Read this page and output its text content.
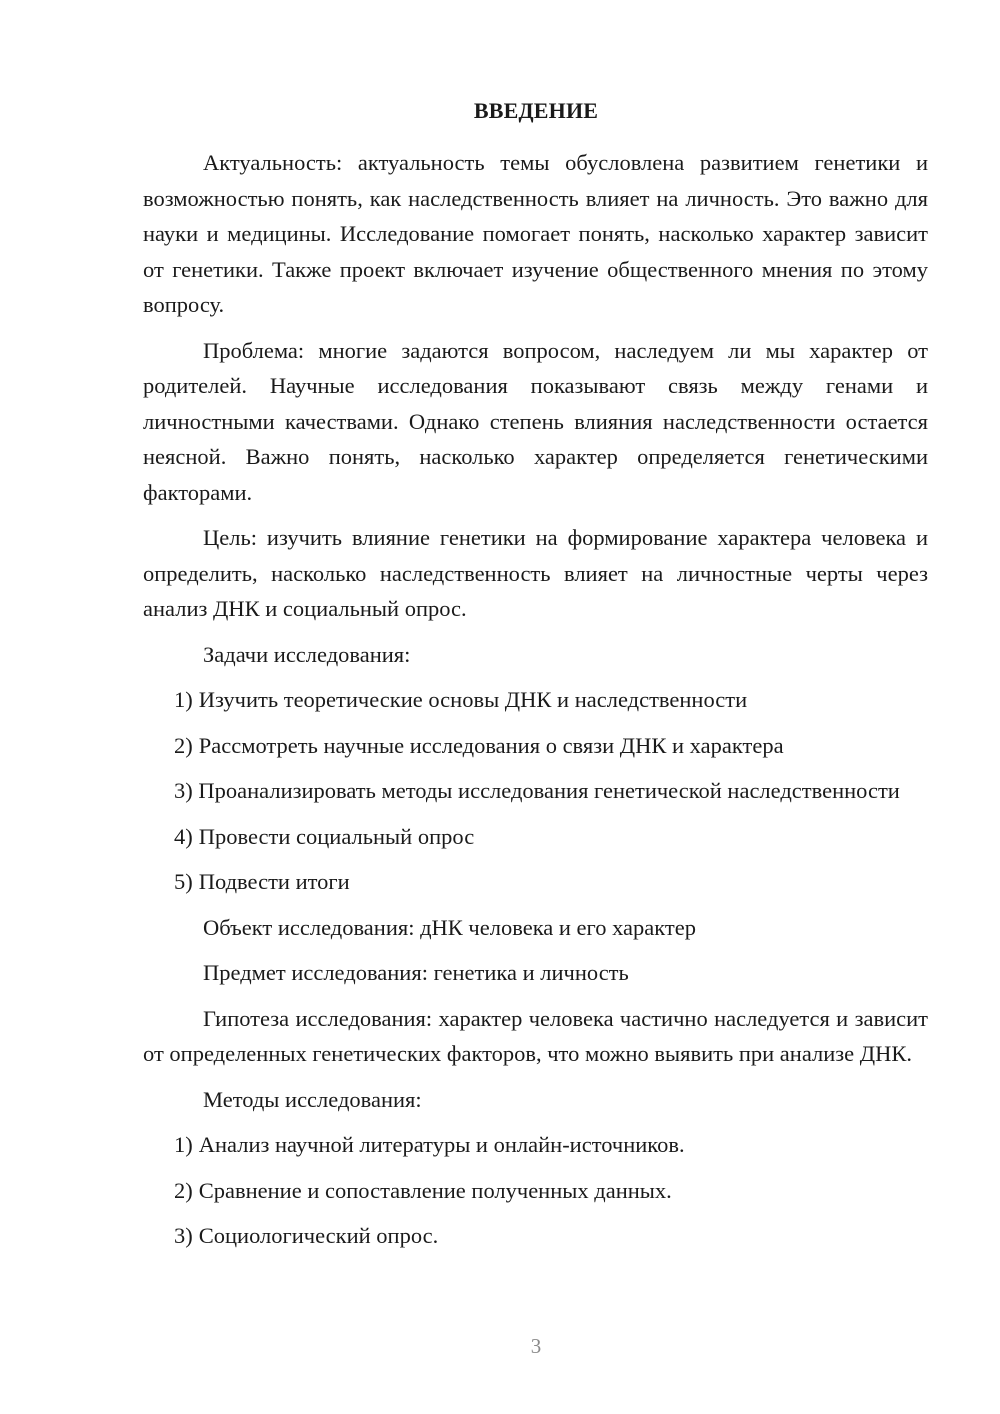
ВВЕДЕНИЕ

Актуальность: актуальность темы обусловлена развитием генетики и возможностью понять, как наследственность влияет на личность. Это важно для науки и медицины. Исследование помогает понять, насколько характер зависит от генетики. Также проект включает изучение общественного мнения по этому вопросу.

Проблема: многие задаются вопросом, наследуем ли мы характер от родителей. Научные исследования показывают связь между генами и личностными качествами. Однако степень влияния наследственности остается неясной. Важно понять, насколько характер определяется генетическими факторами.

Цель: изучить влияние генетики на формирование характера человека и определить, насколько наследственность влияет на личностные черты через анализ ДНК и социальный опрос.

Задачи исследования:

1) Изучить теоретические основы ДНК и наследственности

2) Рассмотреть научные исследования о связи ДНК и характера

3) Проанализировать методы исследования генетической наследственности

4) Провести социальный опрос

5) Подвести итоги

Объект исследования: дНК человека и его характер

Предмет исследования: генетика и личность

Гипотеза исследования: характер человека частично наследуется и зависит от определенных генетических факторов, что можно выявить при анализе ДНК.

Методы исследования:

1) Анализ научной литературы и онлайн-источников.

2) Сравнение и сопоставление полученных данных.

3) Социологический опрос.

3
